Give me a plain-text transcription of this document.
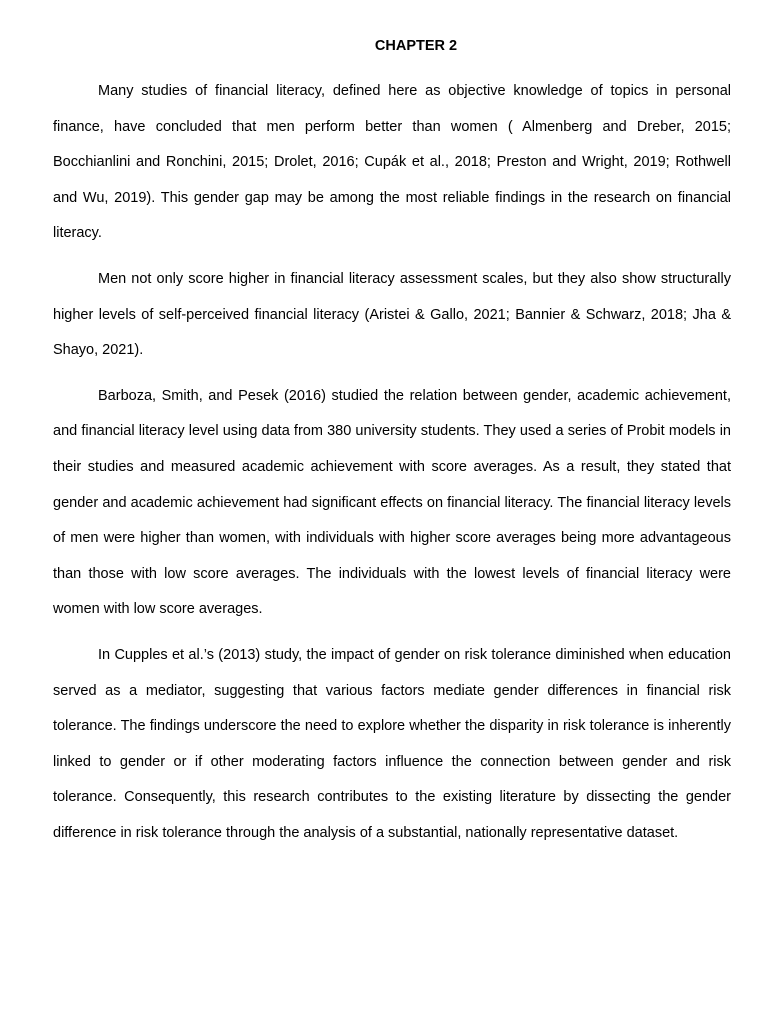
CHAPTER 2

Many studies of financial literacy, defined here as objective knowledge of topics in personal finance, have concluded that men perform better than women ( Almenberg and Dreber, 2015; Bocchianlini and Ronchini, 2015; Drolet, 2016; Cupák et al., 2018; Preston and Wright, 2019; Rothwell and Wu, 2019). This gender gap may be among the most reliable findings in the research on financial literacy.

Men not only score higher in financial literacy assessment scales, but they also show structurally higher levels of self-perceived financial literacy (Aristei & Gallo, 2021; Bannier & Schwarz, 2018; Jha & Shayo, 2021).

Barboza, Smith, and Pesek (2016) studied the relation between gender, academic achievement, and financial literacy level using data from 380 university students. They used a series of Probit models in their studies and measured academic achievement with score averages. As a result, they stated that gender and academic achievement had significant effects on financial literacy. The financial literacy levels of men were higher than women, with individuals with higher score averages being more advantageous than those with low score averages. The individuals with the lowest levels of financial literacy were women with low score averages.

In Cupples et al.’s (2013) study, the impact of gender on risk tolerance diminished when education served as a mediator, suggesting that various factors mediate gender differences in financial risk tolerance. The findings underscore the need to explore whether the disparity in risk tolerance is inherently linked to gender or if other moderating factors influence the connection between gender and risk tolerance. Consequently, this research contributes to the existing literature by dissecting the gender difference in risk tolerance through the analysis of a substantial, nationally representative dataset.
